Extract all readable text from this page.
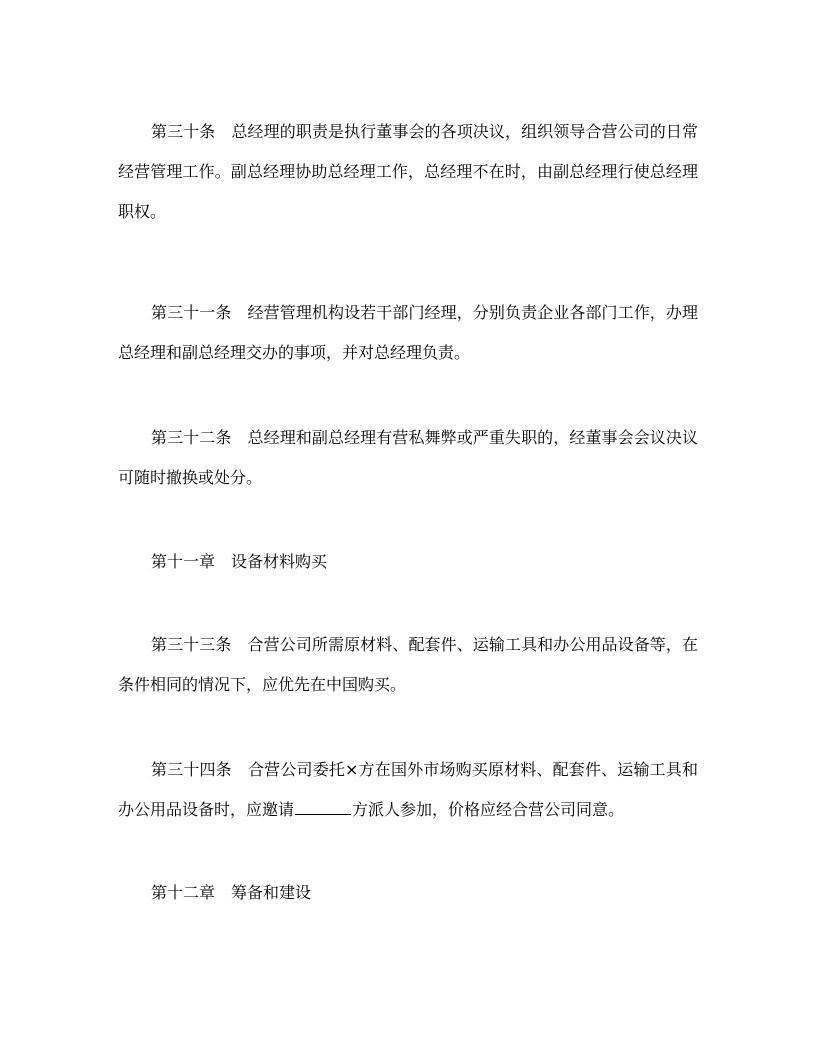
第三十条　总经理的职责是执行董事会的各项决议，组织领导合营公司的日常经营管理工作。副总经理协助总经理工作，总经理不在时，由副总经理行使总经理职权。

第三十一条　经营管理机构设若干部门经理，分别负责企业各部门工作，办理总经理和副总经理交办的事项，并对总经理负责。

第三十二条　总经理和副总经理有营私舞弊或严重失职的，经董事会会议决议可随时撤换或处分。

第十一章　设备材料购买

第三十三条　合营公司所需原材料、配套件、运输工具和办公用品设备等，在条件相同的情况下，应优先在中国购买。

第三十四条　合营公司委托×方在国外市场购买原材料、配套件、运输工具和办公用品设备时，应邀请	方派人参加，价格应经合营公司同意。

第十二章　筹备和建设
